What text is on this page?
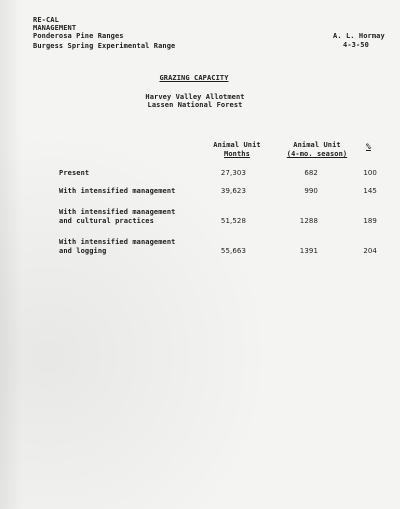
RE-CAL
MANAGEMENT
Ponderosa Pine Ranges
Burgess Spring Experimental Range
A. L. Hormay
4-3-50
GRAZING CAPACITY
Harvey Valley Allotment
Lassen National Forest
Animal Unit
Months
Animal Unit
(4-mo. season)
%
Present	27,303	682	100
With intensified management	39,623	990	145
With intensified management
and cultural practices	51,528	1288	189
With intensified management
and logging	55,663	1391	204
